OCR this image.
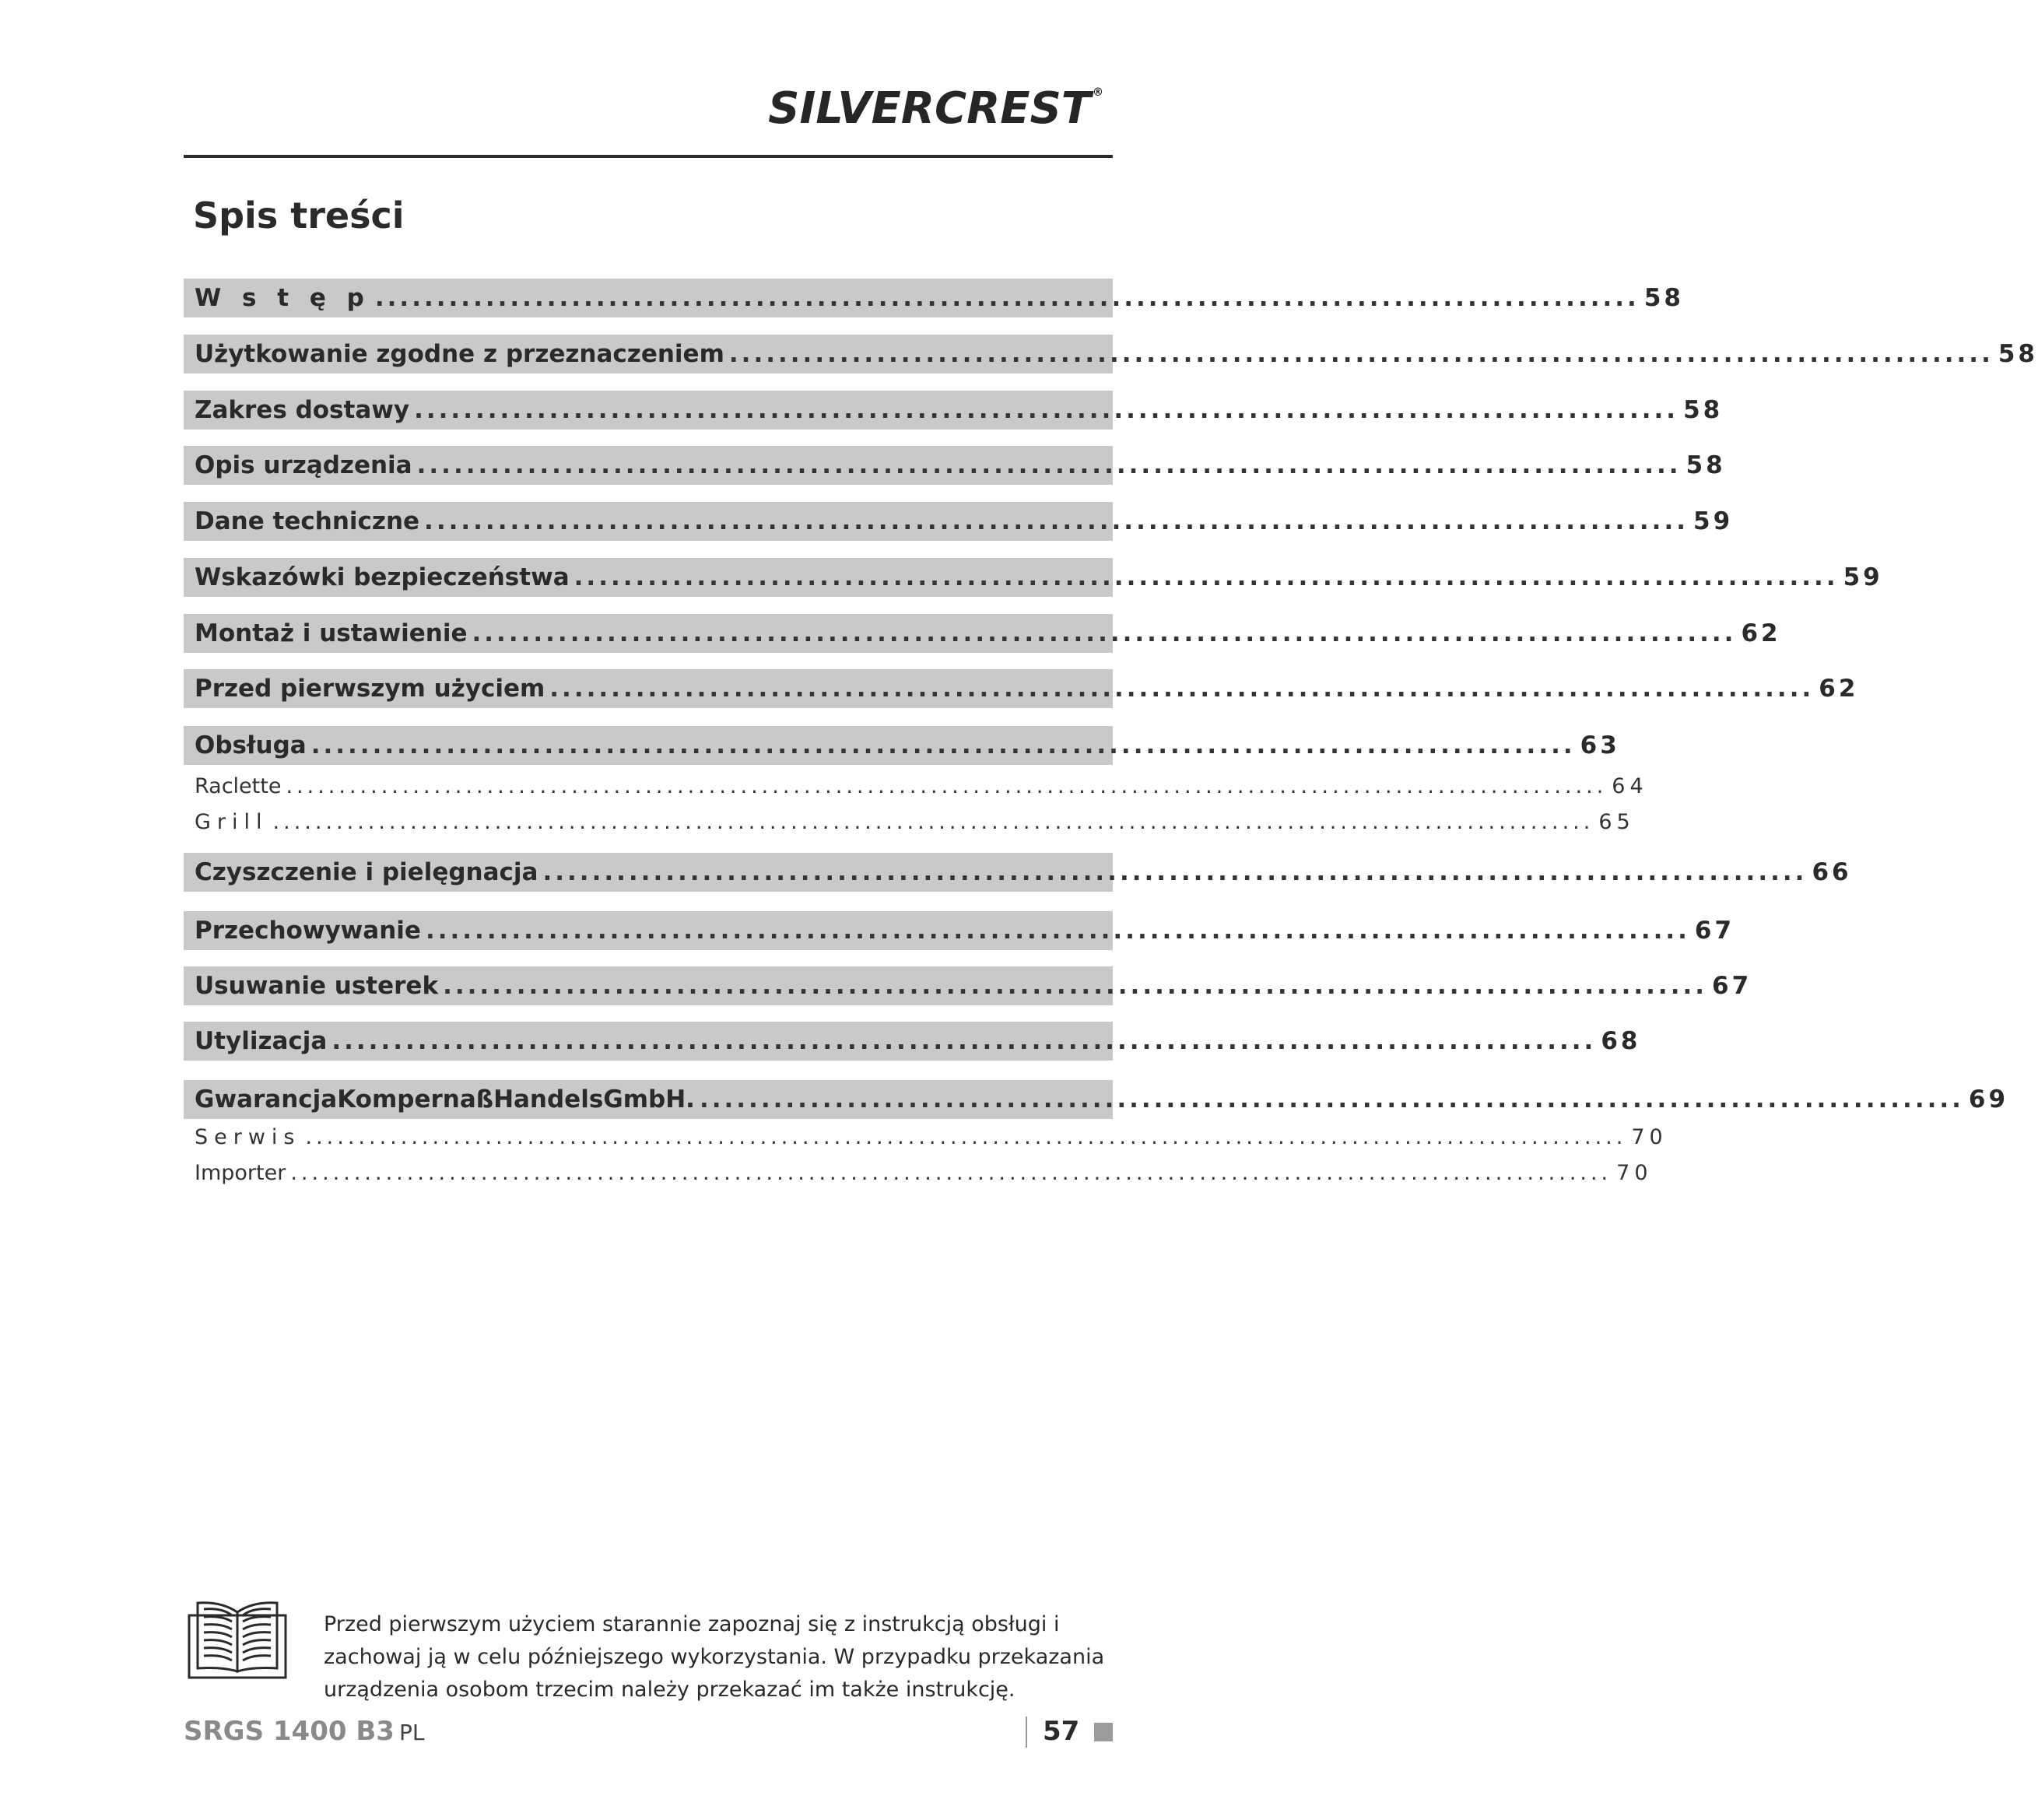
SILVERCREST ®
Spis treści
W s t ę p ....................................................................................................... 58
Użytkowanie zgodne z przeznaczeniem ....................................................................................................... 58
Zakres dostawy ....................................................................................................... 58
Opis urządzenia ....................................................................................................... 58
Dane techniczne ....................................................................................................... 59
Wskazówki bezpieczeństwa ....................................................................................................... 59
Montaż i ustawienie ....................................................................................................... 62
Przed pierwszym użyciem ....................................................................................................... 62
Obsługa ....................................................................................................... 63
Raclette ............................................................................................................................. 64
Grill ............................................................................................................................. 65
Czyszczenie i pielęgnacja ....................................................................................................... 66
Przechowywanie ....................................................................................................... 67
Usuwanie usterek ....................................................................................................... 67
Utylizacja ....................................................................................................... 68
GwarancjaKompernaßHandelsGmbH. ....................................................................................................... 69
Serwis ............................................................................................................................. 70
Importer ............................................................................................................................. 70

Przed pierwszym użyciem starannie zapoznaj się z instrukcją obsługi i zachowaj ją w celu późniejszego wykorzystania. W przypadku przekazania urządzenia osobom trzecim należy przekazać im także instrukcję.

SRGS 1400 B3 PL	57
